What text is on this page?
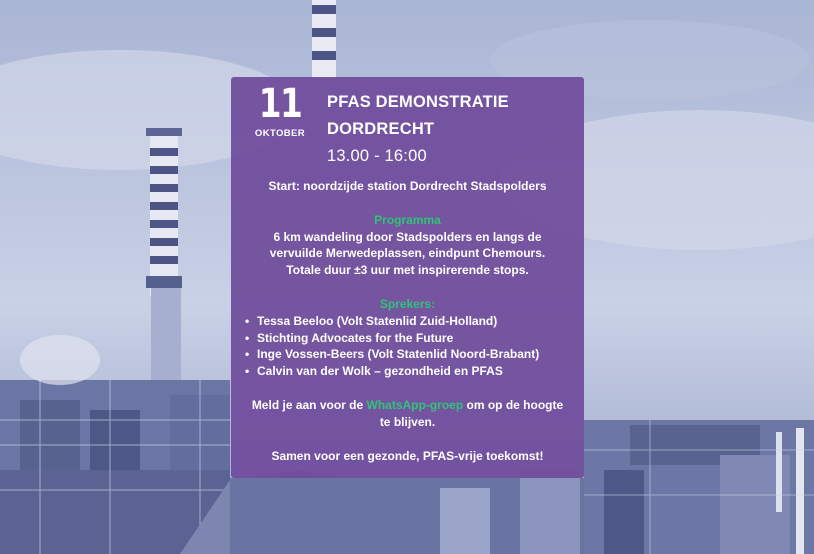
11
OKTOBER
PFAS DEMONSTRATIE
DORDRECHT
13.00 - 16:00

Start: noordzijde station Dordrecht Stadspolders

Programma

6 km wandeling door Stadspolders en langs de

vervuilde Merwedeplassen, eindpunt Chemours.

Totale duur ±3 uur met inspirerende stops.

Sprekers:

• Tessa Beeloo (Volt Statenlid Zuid-Holland)
• Stichting Advocates for the Future
• Inge Vossen-Beers (Volt Statenlid Noord-Brabant)
• Calvin van der Wolk – gezondheid en PFAS

Meld je aan voor de WhatsApp-groep om op de hoogte

te blijven.

Samen voor een gezonde, PFAS-vrije toekomst!
